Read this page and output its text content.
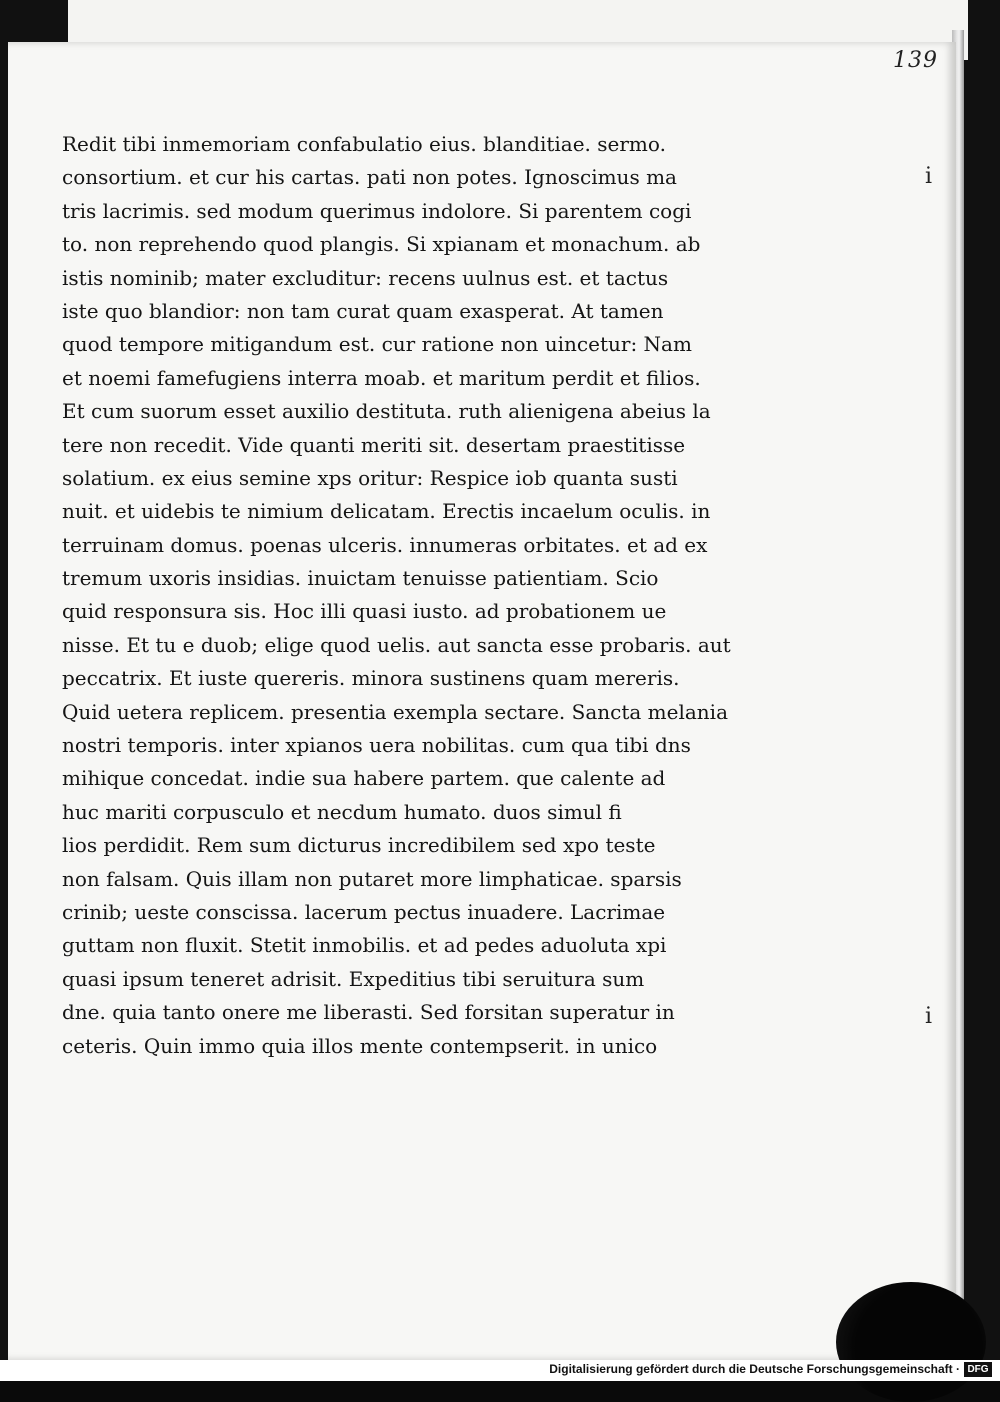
139
i
i
Redit tibi inmemoriam confabulatio eius. blanditiae. sermo.
consortium. et cur his cartas. pati non potes. Ignoscimus ma
tris lacrimis. sed modum querimus indolore. Si parentem cogi
to. non reprehendo quod plangis. Si xpianam et monachum. ab
istis nominib; mater excluditur: recens uulnus est. et tactus
iste quo blandior: non tam curat quam exasperat. At tamen
quod tempore mitigandum est. cur ratione non uincetur: Nam
et noemi famefugiens interra moab. et maritum perdit et filios.
Et cum suorum esset auxilio destituta. ruth alienigena abeius la
tere non recedit. Vide quanti meriti sit. desertam praestitisse
solatium. ex eius semine xps oritur: Respice iob quanta susti
nuit. et uidebis te nimium delicatam. Erectis incaelum oculis. in
terruinam domus. poenas ulceris. innumeras orbitates. et ad ex
tremum uxoris insidias. inuictam tenuisse patientiam. Scio
quid responsura sis. Hoc illi quasi iusto. ad probationem ue
nisse. Et tu e duob; elige quod uelis. aut sancta esse probaris. aut
peccatrix. Et iuste quereris. minora sustinens quam mereris.
Quid uetera replicem. presentia exempla sectare. Sancta melania
nostri temporis. inter xpianos uera nobilitas. cum qua tibi dns
mihique concedat. indie sua habere partem. que calente ad
huc mariti corpusculo et necdum humato. duos simul fi
lios perdidit. Rem sum dicturus incredibilem sed xpo teste
non falsam. Quis illam non putaret more limphaticae. sparsis
crinib; ueste conscissa. lacerum pectus inuadere. Lacrimae
guttam non fluxit. Stetit inmobilis. et ad pedes aduoluta xpi
quasi ipsum teneret adrisit. Expeditius tibi seruitura sum
dne. quia tanto onere me liberasti. Sed forsitan superatur in
ceteris. Quin immo quia illos mente contempserit. in unico
Digitalisierung gefördert durch die Deutsche Forschungsgemeinschaft · DFG
